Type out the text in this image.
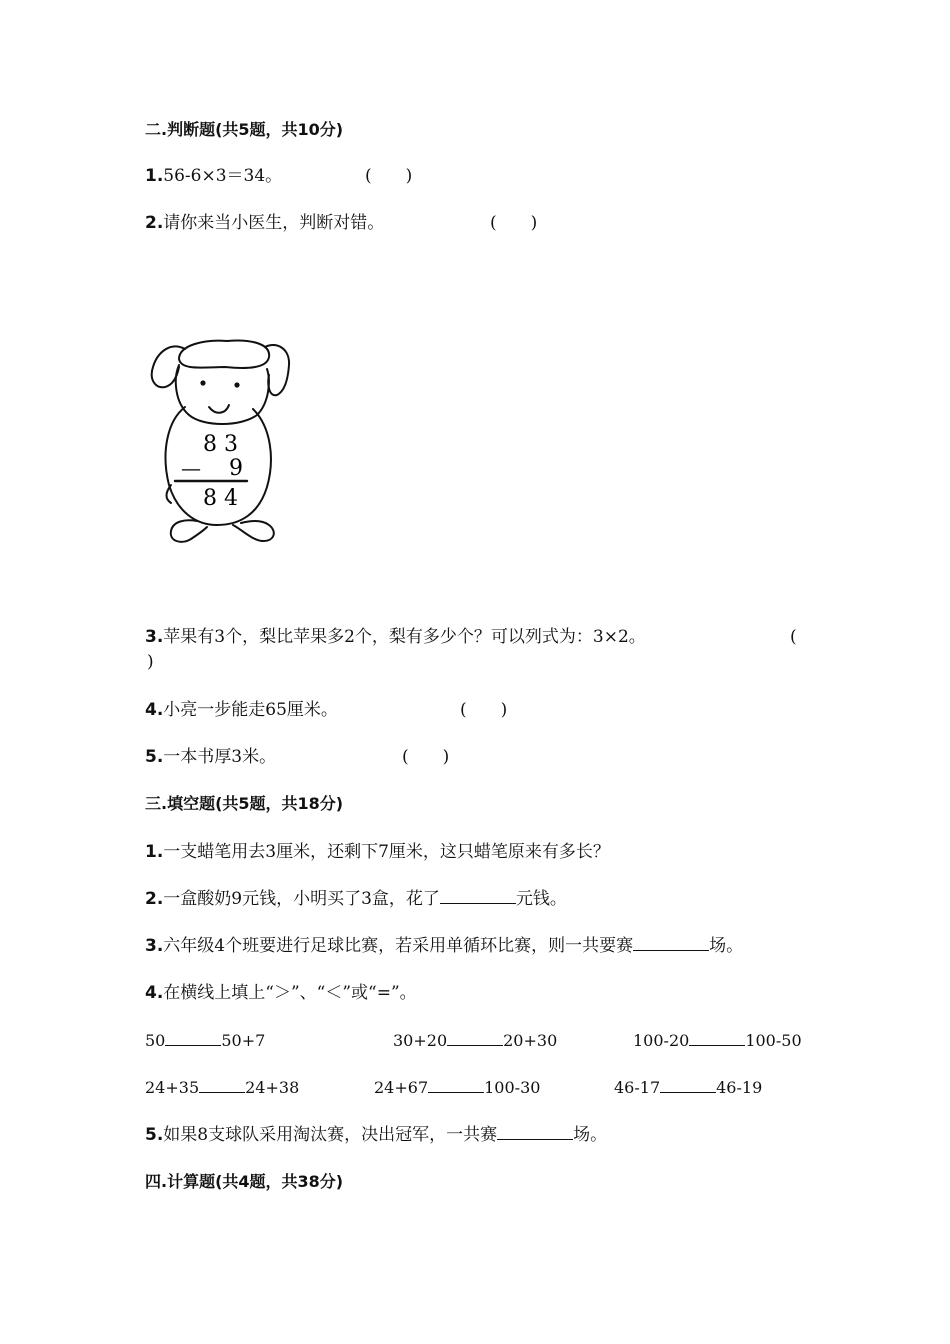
二.判断题(共5题，共10分)
1.56-6×3＝34。	(　　)
2.请你来当小医生，判断对错。	(　　)
8 3
— 9
8 4
3.苹果有3个，梨比苹果多2个，梨有多少个？可以列式为：3×2。	(
)
4.小亮一步能走65厘米。	(　　)
5.一本书厚3米。	(　　)
三.填空题(共5题，共18分)
1.一支蜡笔用去3厘米，还剩下7厘米，这只蜡笔原来有多长？
2.一盒酸奶9元钱，小明买了3盒，花了	元钱。
3.六年级4个班要进行足球比赛，若采用单循环比赛，则一共要赛	场。
4.在横线上填上“＞”、“＜”或“=”。
50	50+7	30+20	20+30	100-20	100-50
24+35	24+38	24+67	100-30	46-17	46-19
5.如果8支球队采用淘汰赛，决出冠军，一共赛	场。
四.计算题(共4题，共38分)
